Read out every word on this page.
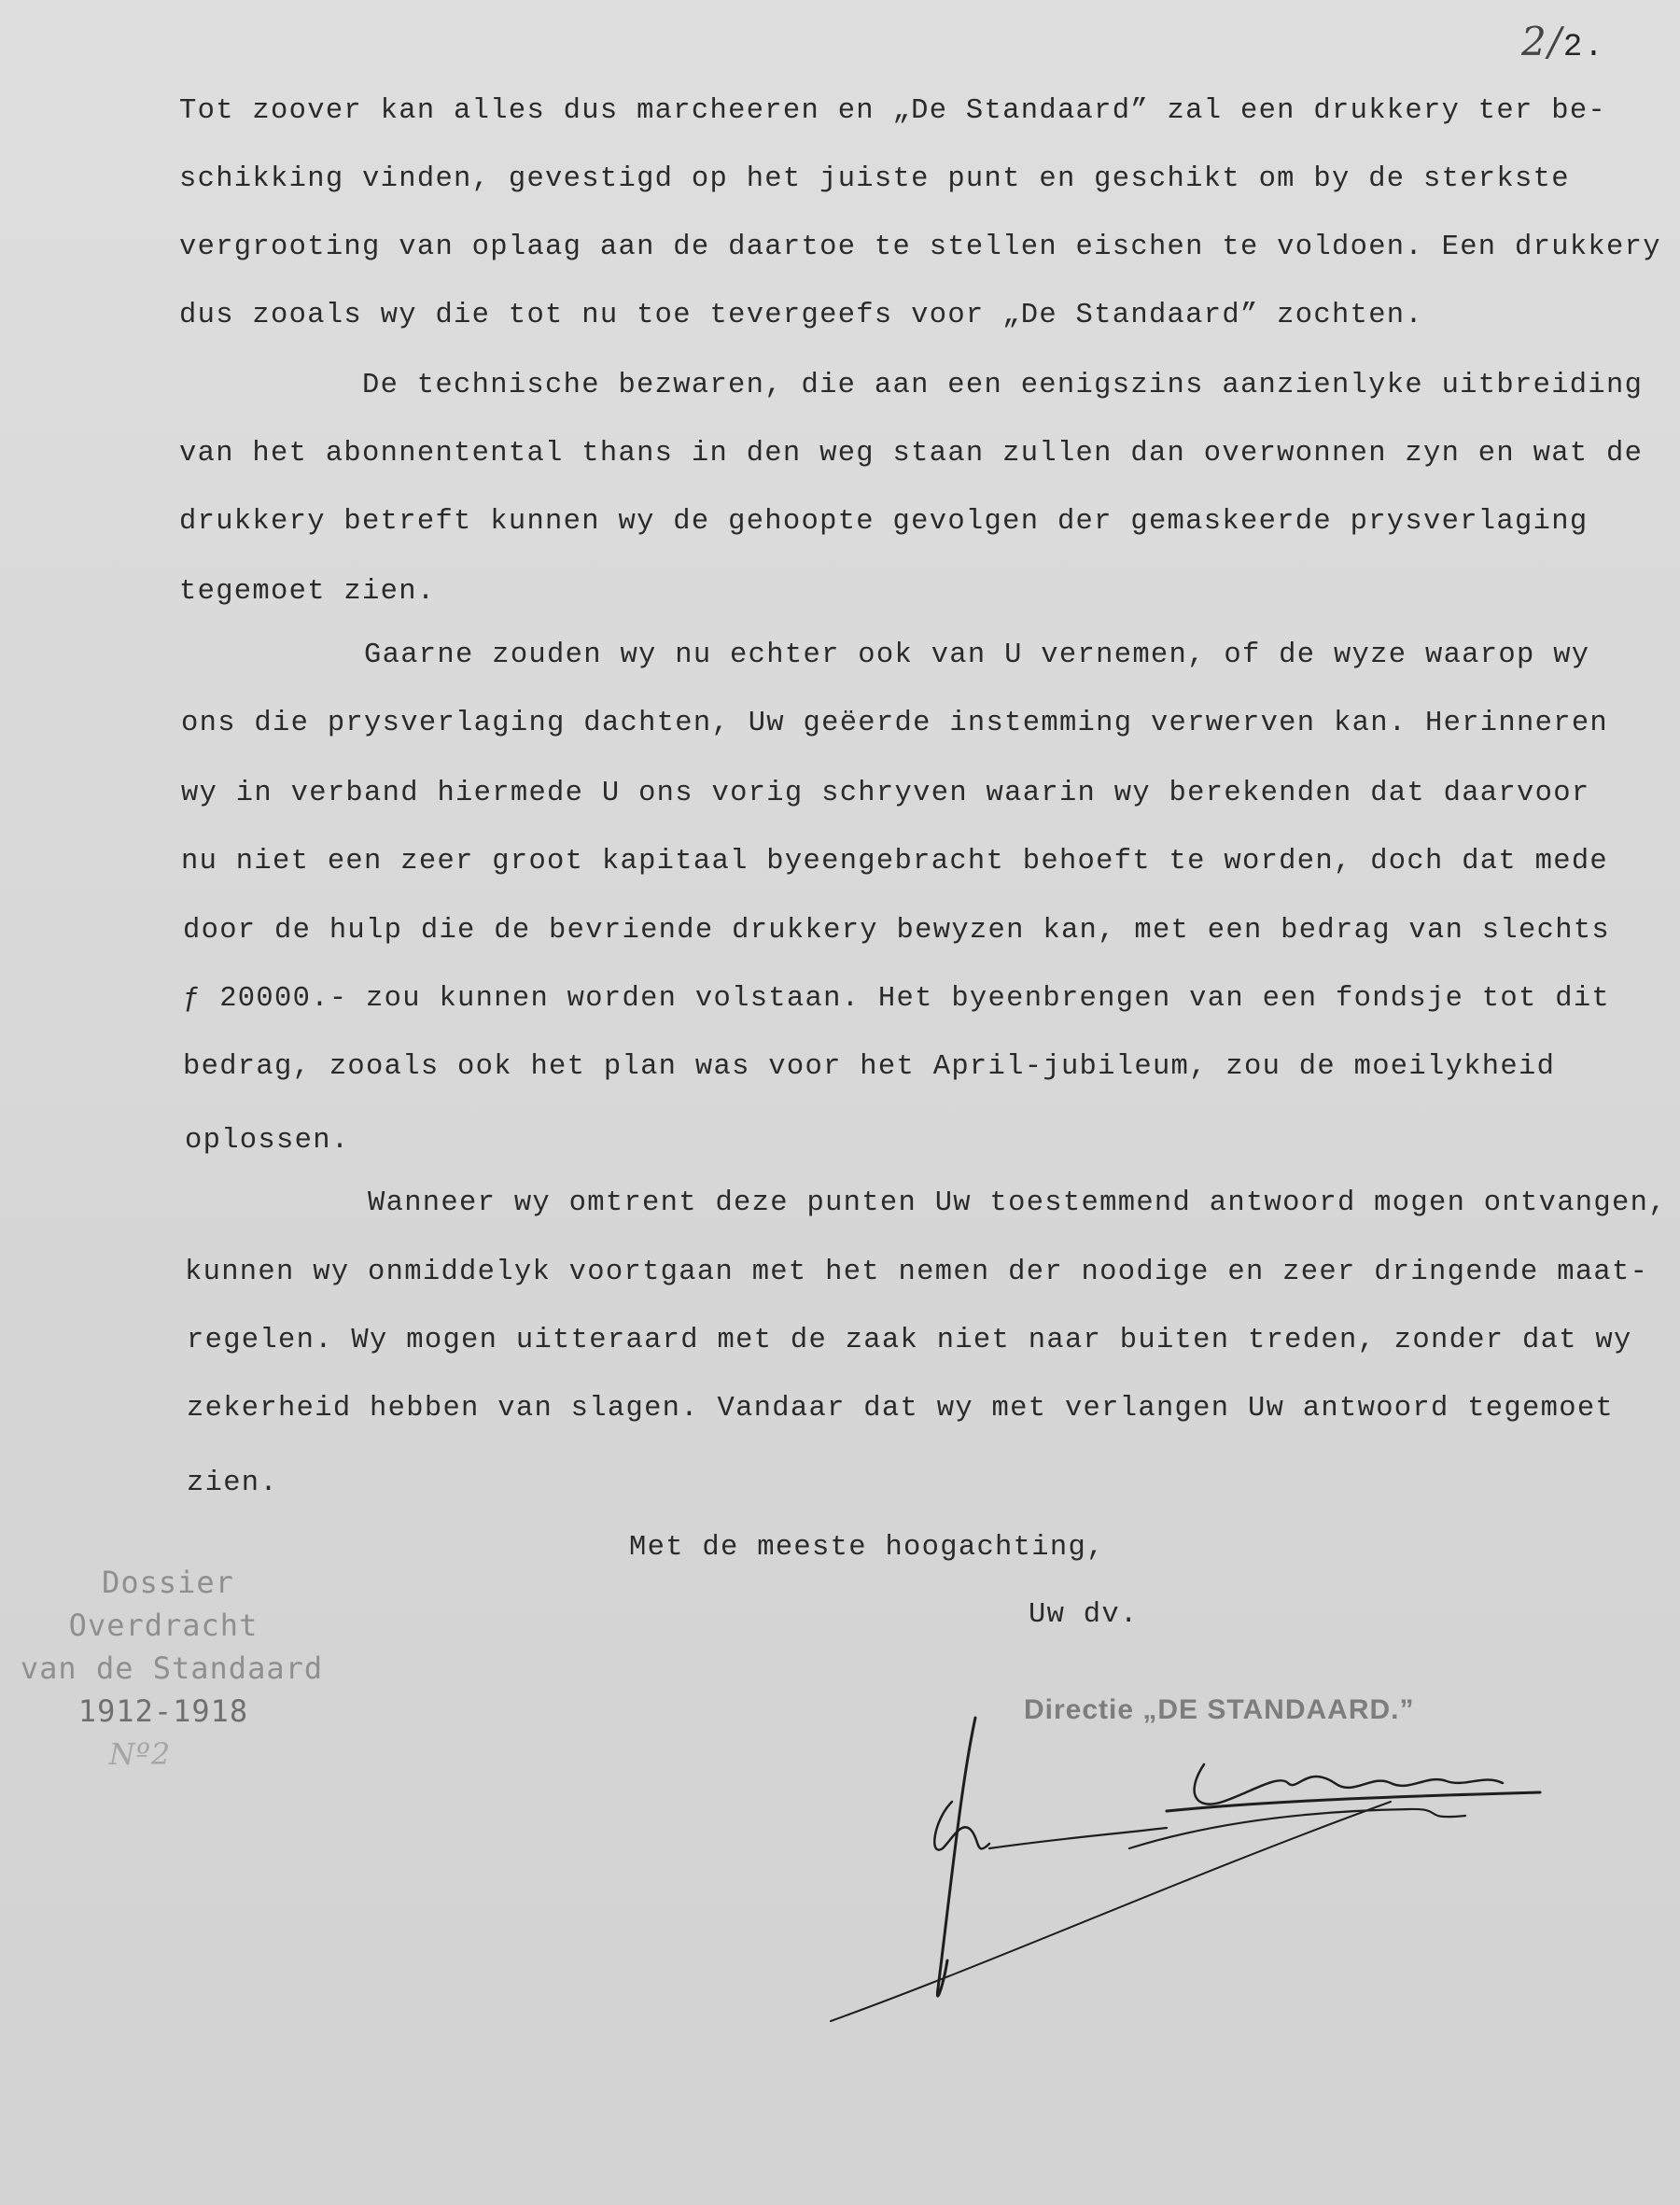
2/2.
Tot zoover kan alles dus marcheeren en „De Standaard” zal een drukkery ter be-
schikking vinden, gevestigd op het juiste punt en geschikt om by de sterkste
vergrooting van oplaag aan de daartoe te stellen eischen te voldoen. Een drukkery
dus zooals wy die tot nu toe tevergeefs voor „De Standaard” zochten.
De technische bezwaren, die aan een eenigszins aanzienlyke uitbreiding
van het abonnentental thans in den weg staan zullen dan overwonnen zyn en wat de
drukkery betreft kunnen wy de gehoopte gevolgen der gemaskeerde prysverlaging
tegemoet zien.
Gaarne zouden wy nu echter ook van U vernemen, of de wyze waarop wy
ons die prysverlaging dachten, Uw geëerde instemming verwerven kan. Herinneren
wy in verband hiermede U ons vorig schryven waarin wy berekenden dat daarvoor
nu niet een zeer groot kapitaal byeengebracht behoeft te worden, doch dat mede
door de hulp die de bevriende drukkery bewyzen kan, met een bedrag van slechts
ƒ 20000.- zou kunnen worden volstaan. Het byeenbrengen van een fondsje tot dit
bedrag, zooals ook het plan was voor het April-jubileum, zou de moeilykheid
oplossen.
Wanneer wy omtrent deze punten Uw toestemmend antwoord mogen ontvangen,
kunnen wy onmiddelyk voortgaan met het nemen der noodige en zeer dringende maat-
regelen. Wy mogen uitteraard met de zaak niet naar buiten treden, zonder dat wy
zekerheid hebben van slagen. Vandaar dat wy met verlangen Uw antwoord tegemoet
zien.
Met de meeste hoogachting,
Uw dv.
Directie „DE STANDAARD.”
Dossier
Overdracht
van de Standaard
1912-1918
Nº2
